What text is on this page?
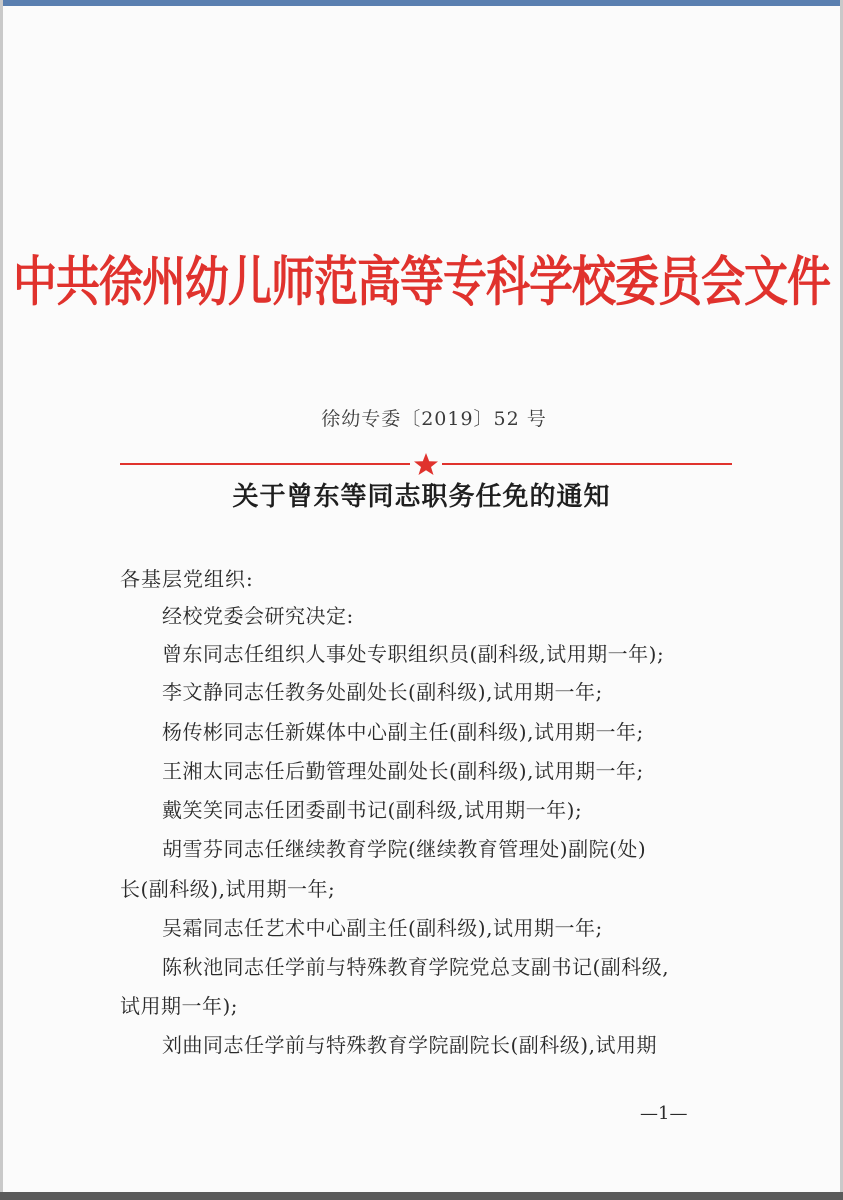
中共徐州幼儿师范高等专科学校委员会文件
徐幼专委〔2019〕52 号
关于曾东等同志职务任免的通知
各基层党组织:
经校党委会研究决定:
曾东同志任组织人事处专职组织员(副科级,试用期一年);
李文静同志任教务处副处长(副科级),试用期一年;
杨传彬同志任新媒体中心副主任(副科级),试用期一年;
王湘太同志任后勤管理处副处长(副科级),试用期一年;
戴笑笑同志任团委副书记(副科级,试用期一年);
胡雪芬同志任继续教育学院(继续教育管理处)副院(处)
长(副科级),试用期一年;
吴霜同志任艺术中心副主任(副科级),试用期一年;
陈秋池同志任学前与特殊教育学院党总支副书记(副科级,
试用期一年);
刘曲同志任学前与特殊教育学院副院长(副科级),试用期
—1—
